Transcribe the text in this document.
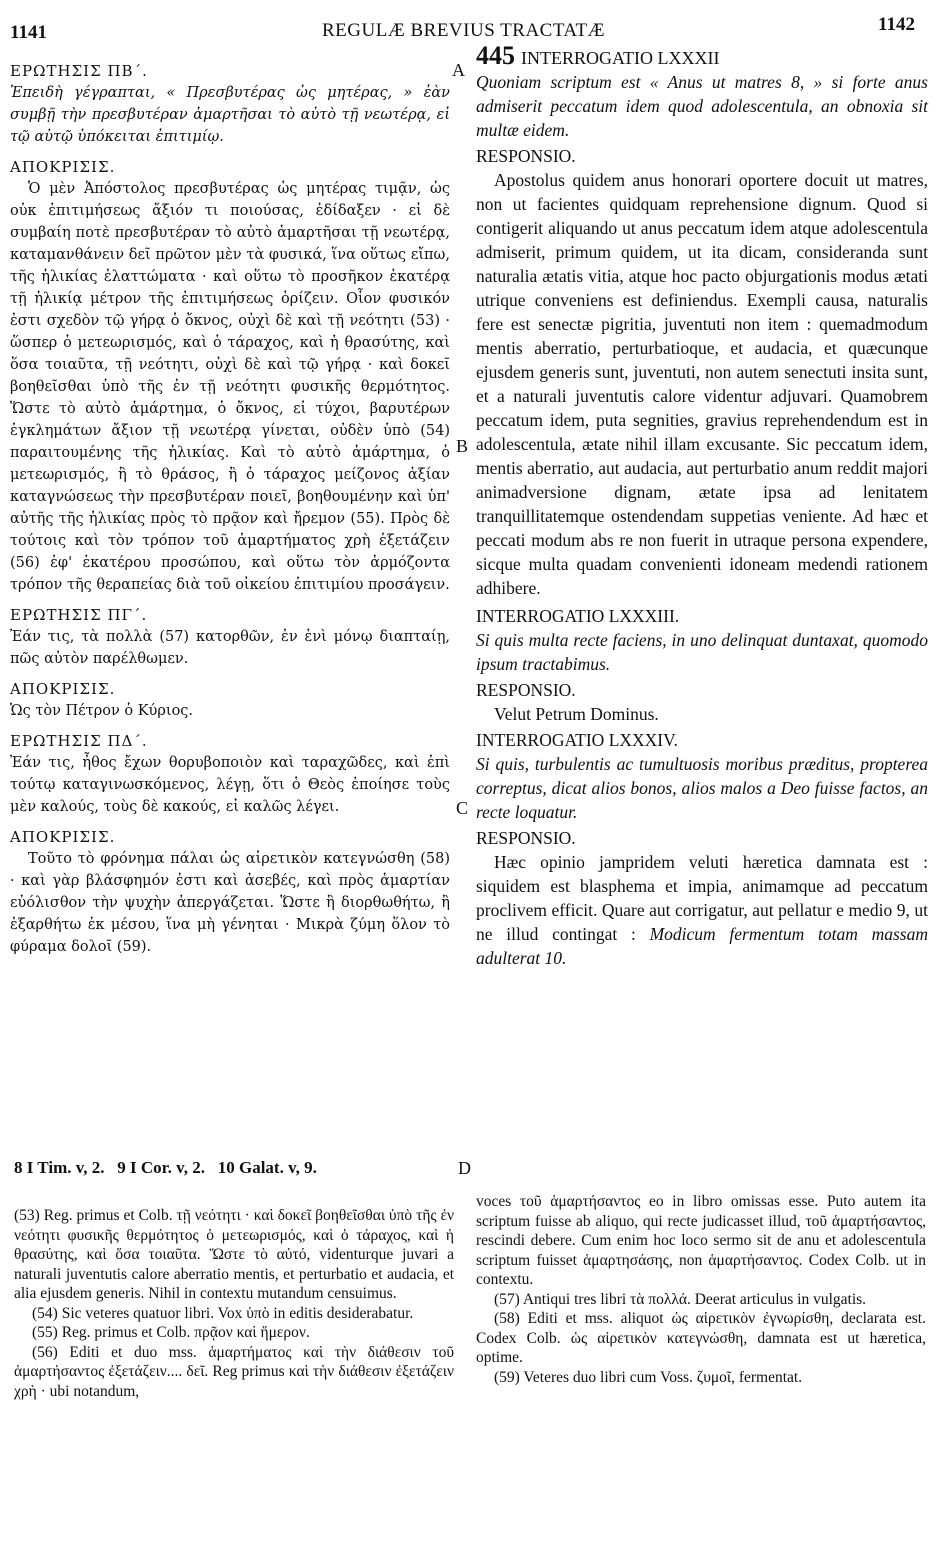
1141	REGULÆ BREVIUS TRACTATÆ	1142
A
B
C
D

ΕΡΩΤΗΣΙΣ ΠΒ΄.

Ἐπειδὴ γέγραπται, « Πρεσβυτέρας ὡς μητέρας, » ἐὰν συμβῇ τὴν πρεσβυτέραν ἁμαρτῆσαι τὸ αὐτὸ τῇ νεωτέρᾳ, εἰ τῷ αὐτῷ ὑπόκειται ἐπιτιμίῳ.

ΑΠΟΚΡΙΣΙΣ.

Ὁ μὲν Ἀπόστολος πρεσβυτέρας ὡς μητέρας τιμᾷν, ὡς οὐκ ἐπιτιμήσεως ἄξιόν τι ποιούσας, ἐδίδαξεν · εἰ δὲ συμβαίη ποτὲ πρεσβυτέραν τὸ αὐτὸ ἁμαρτῆσαι τῇ νεωτέρᾳ, καταμανθάνειν δεῖ πρῶτον μὲν τὰ φυσικά, ἵνα οὕτως εἴπω, τῆς ἡλικίας ἐλαττώματα · καὶ οὕτω τὸ προσῆκον ἑκατέρᾳ τῇ ἡλικίᾳ μέτρον τῆς ἐπιτιμήσεως ὁρίζειν. Οἷον φυσικόν ἐστι σχεδὸν τῷ γήρᾳ ὁ ὄκνος, οὐχὶ δὲ καὶ τῇ νεότητι (53) · ὥσπερ ὁ μετεωρισμός, καὶ ὁ τάραχος, καὶ ἡ θρασύτης, καὶ ὅσα τοιαῦτα, τῇ νεότητι, οὐχὶ δὲ καὶ τῷ γήρᾳ · καὶ δοκεῖ βοηθεῖσθαι ὑπὸ τῆς ἐν τῇ νεότητι φυσικῆς θερμότητος. Ὥστε τὸ αὐτὸ ἁμάρτημα, ὁ ὄκνος, εἰ τύχοι, βαρυτέρων ἐγκλημάτων ἄξιον τῇ νεωτέρᾳ γίνεται, οὐδὲν ὑπὸ (54) παραιτουμένης τῆς ἡλικίας. Καὶ τὸ αὐτὸ ἁμάρτημα, ὁ μετεωρισμός, ἢ τὸ θράσος, ἢ ὁ τάραχος μείζονος ἀξίαν καταγνώσεως τὴν πρεσβυτέραν ποιεῖ, βοηθουμένην καὶ ὑπ' αὐτῆς τῆς ἡλικίας πρὸς τὸ πρᾷον καὶ ἤρεμον (55). Πρὸς δὲ τούτοις καὶ τὸν τρόπον τοῦ ἁμαρτήματος χρὴ ἐξετάζειν (56) ἐφ' ἑκατέρου προσώπου, καὶ οὕτω τὸν ἁρμόζοντα τρόπον τῆς θεραπείας διὰ τοῦ οἰκείου ἐπιτιμίου προσάγειν.

ΕΡΩΤΗΣΙΣ ΠΓ΄.

Ἐάν τις, τὰ πολλὰ (57) κατορθῶν, ἐν ἑνὶ μόνῳ διαπταίῃ, πῶς αὐτὸν παρέλθωμεν.

ΑΠΟΚΡΙΣΙΣ.

Ὡς τὸν Πέτρον ὁ Κύριος.

ΕΡΩΤΗΣΙΣ ΠΔ΄.

Ἐάν τις, ἦθος ἔχων θορυβοποιὸν καὶ ταραχῶδες, καὶ ἐπὶ τούτῳ καταγινωσκόμενος, λέγῃ, ὅτι ὁ Θεὸς ἐποίησε τοὺς μὲν καλούς, τοὺς δὲ κακούς, εἰ καλῶς λέγει.

ΑΠΟΚΡΙΣΙΣ.

Τοῦτο τὸ φρόνημα πάλαι ὡς αἱρετικὸν κατεγνώσθη (58) · καὶ γὰρ βλάσφημόν ἐστι καὶ ἀσεβές, καὶ πρὸς ἁμαρτίαν εὐόλισθον τὴν ψυχὴν ἀπεργάζεται. Ὥστε ἢ διορθωθήτω, ἢ ἐξαρθήτω ἐκ μέσου, ἵνα μὴ γένηται · Μικρὰ ζύμη ὅλον τὸ φύραμα δολοῖ (59).

445 INTERROGATIO LXXXII

Quoniam scriptum est « Anus ut matres 8, » si forte anus admiserit peccatum idem quod adolescentula, an obnoxia sit multæ eidem.

RESPONSIO.

Apostolus quidem anus honorari oportere docuit ut matres, non ut facientes quidquam reprehensione dignum. Quod si contigerit aliquando ut anus peccatum idem atque adolescentula admiserit, primum quidem, ut ita dicam, consideranda sunt naturalia ætatis vitia, atque hoc pacto objurgationis modus ætati utrique conveniens est definiendus. Exempli causa, naturalis fere est senectæ pigritia, juventuti non item : quemadmodum mentis aberratio, perturbatioque, et audacia, et quæcunque ejusdem generis sunt, juventuti, non autem senectuti insita sunt, et a naturali juventutis calore videntur adjuvari. Quamobrem peccatum idem, puta segnities, gravius reprehendendum est in adolescentula, ætate nihil illam excusante. Sic peccatum idem, mentis aberratio, aut audacia, aut perturbatio anum reddit majori animadversione dignam, ætate ipsa ad lenitatem tranquillitatemque ostendendam suppetias veniente. Ad hæc et peccati modum abs re non fuerit in utraque persona expendere, sicque multa quadam convenienti idoneam medendi rationem adhibere.

INTERROGATIO LXXXIII.

Si quis multa recte faciens, in uno delinquat duntaxat, quomodo ipsum tractabimus.

RESPONSIO.

Velut Petrum Dominus.

INTERROGATIO LXXXIV.

Si quis, turbulentis ac tumultuosis moribus præditus, propterea correptus, dicat alios bonos, alios malos a Deo fuisse factos, an recte loquatur.

RESPONSIO.

Hæc opinio jampridem veluti hæretica damnata est : siquidem est blasphema et impia, animamque ad peccatum proclivem efficit. Quare aut corrigatur, aut pellatur e medio 9, ut ne illud contingat : Modicum fermentum totam massam adulterat 10.

8 I Tim. v, 2.   9 I Cor. v, 2.   10 Galat. v, 9.

(53) Reg. primus et Colb. τῇ νεότητι · καὶ δοκεῖ βοηθεῖσθαι ὑπὸ τῆς ἐν νεότητι φυσικῆς θερμότητος ὁ μετεωρισμός, καὶ ὁ τάραχος, καὶ ἡ θρασύτης, καὶ ὅσα τοιαῦτα. Ὥστε τὸ αὐτό, videnturque juvari a naturali juventutis calore aberratio mentis, et perturbatio et audacia, et alia ejusdem generis. Nihil in contextu mutandum censuimus.

(54) Sic veteres quatuor libri. Vox ὑπὸ in editis desiderabatur.

(55) Reg. primus et Colb. πρᾷον καὶ ἥμερον.

(56) Editi et duo mss. ἁμαρτήματος καὶ τὴν διάθεσιν τοῦ ἁμαρτήσαντος ἐξετάζειν.... δεῖ. Reg primus καὶ τὴν διάθεσιν ἐξετάζειν χρὴ · ubi notandum,

voces τοῦ ἁμαρτήσαντος eo in libro omissas esse. Puto autem ita scriptum fuisse ab aliquo, qui recte judicasset illud, τοῦ ἁμαρτήσαντος, rescindi debere. Cum enim hoc loco sermo sit de anu et adolescentula scriptum fuisset ἁμαρτησάσης, non ἁμαρτήσαντος. Codex Colb. ut in contextu.

(57) Antiqui tres libri τὰ πολλά. Deerat articulus in vulgatis.

(58) Editi et mss. aliquot ὡς αἱρετικὸν ἐγνωρίσθη, declarata est. Codex Colb. ὡς αἱρετικὸν κατεγνώσθη, damnata est ut hæretica, optime.

(59) Veteres duo libri cum Voss. ζυμοῖ, fermentat.
